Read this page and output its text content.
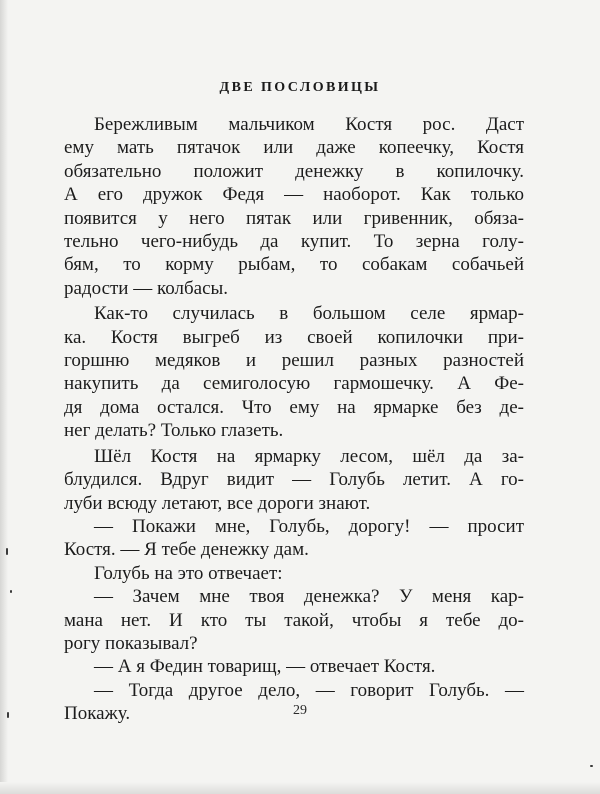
ДВЕ ПОСЛОВИЦЫ
Бережливым мальчиком Костя рос. Даст
ему мать пятачок или даже копеечку, Костя
обязательно положит денежку в копилочку.
А его дружок Федя — наоборот. Как только
появится у него пятак или гривенник, обяза-
тельно чего-нибудь да купит. То зерна голу-
бям, то корму рыбам, то собакам собачьей
радости — колбасы.
Как-то случилась в большом селе ярмар-
ка. Костя выгреб из своей копилочки при-
горшню медяков и решил разных разностей
накупить да семиголосую гармошечку. А Фе-
дя дома остался. Что ему на ярмарке без де-
нег делать? Только глазеть.
Шёл Костя на ярмарку лесом, шёл да за-
блудился. Вдруг видит — Голубь летит. А го-
луби всюду летают, все дороги знают.
— Покажи мне, Голубь, дорогу! — просит
Костя. — Я тебе денежку дам.
Голубь на это отвечает:
— Зачем мне твоя денежка? У меня кар-
мана нет. И кто ты такой, чтобы я тебе до-
рогу показывал?
— А я Федин товарищ, — отвечает Костя.
— Тогда другое дело, — говорит Голубь. —
Покажу.	29
